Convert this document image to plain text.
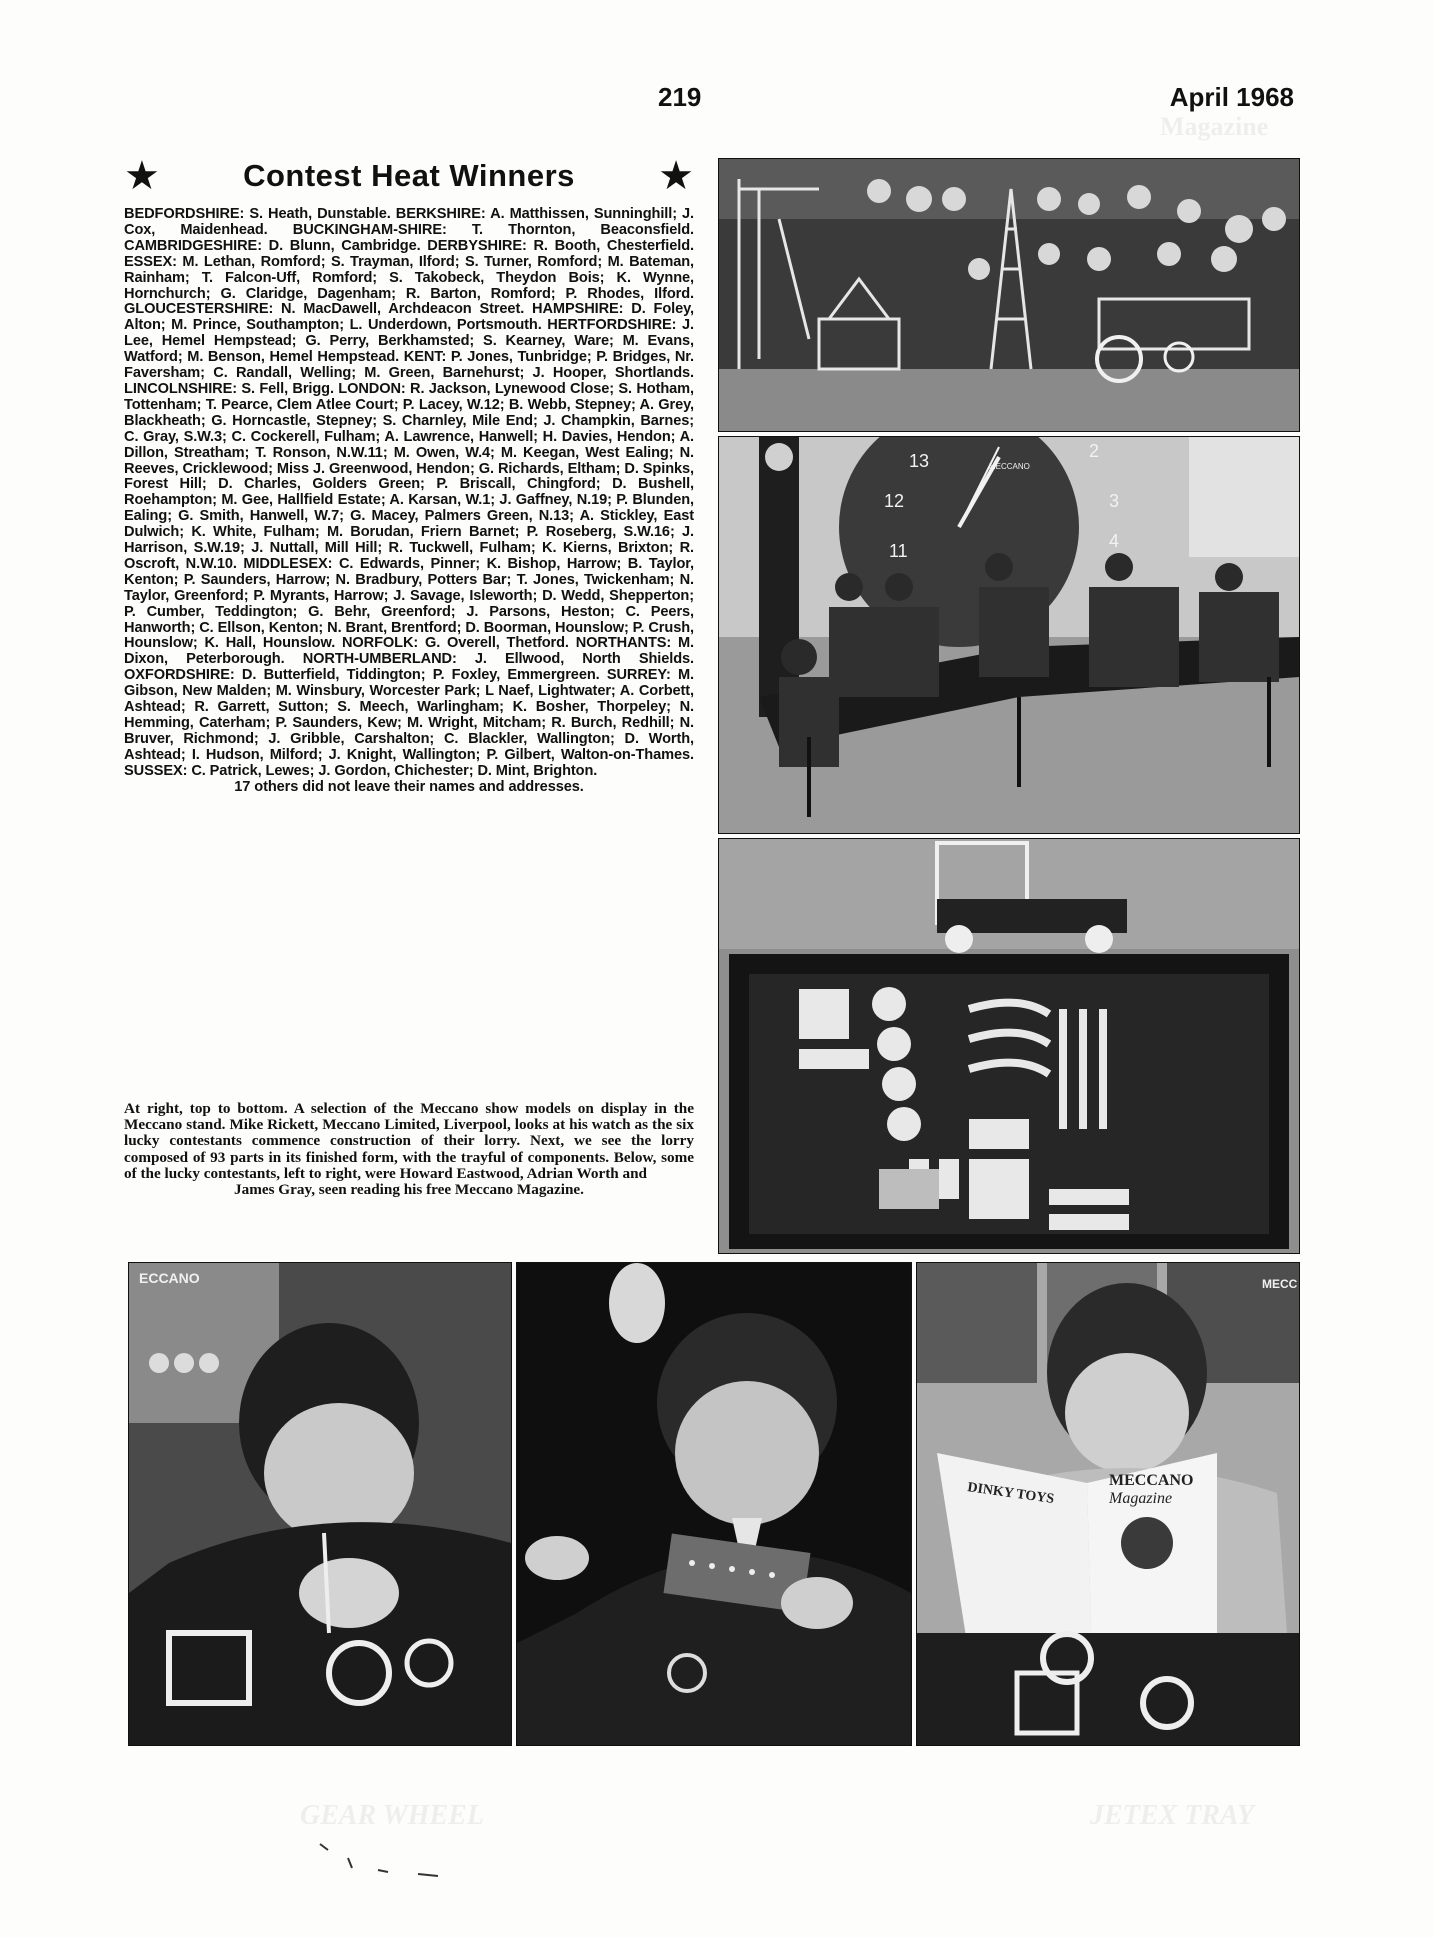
Magazine
GEAR WHEEL	JETEX TRAY
219	April 1968
★	Contest Heat Winners ★
BEDFORDSHIRE: S. Heath, Dunstable. BERKSHIRE: A. Matthissen, Sunninghill; J. Cox, Maidenhead. BUCKINGHAM-SHIRE: T. Thornton, Beaconsfield. CAMBRIDGESHIRE: D. Blunn, Cambridge. DERBYSHIRE: R. Booth, Chesterfield. ESSEX: M. Lethan, Romford; S. Trayman, Ilford; S. Turner, Romford; M. Bateman, Rainham; T. Falcon-Uff, Romford; S. Takobeck, Theydon Bois; K. Wynne, Hornchurch; G. Claridge, Dagenham; R. Barton, Romford; P. Rhodes, Ilford. GLOUCESTERSHIRE: N. MacDawell, Archdeacon Street. HAMPSHIRE: D. Foley, Alton; M. Prince, Southampton; L. Underdown, Portsmouth. HERTFORDSHIRE: J. Lee, Hemel Hempstead; G. Perry, Berkhamsted; S. Kearney, Ware; M. Evans, Watford; M. Benson, Hemel Hempstead. KENT: P. Jones, Tunbridge; P. Bridges, Nr. Faversham; C. Randall, Welling; M. Green, Barnehurst; J. Hooper, Shortlands. LINCOLNSHIRE: S. Fell, Brigg. LONDON: R. Jackson, Lynewood Close; S. Hotham, Tottenham; T. Pearce, Clem Atlee Court; P. Lacey, W.12; B. Webb, Stepney; A. Grey, Blackheath; G. Horncastle, Stepney; S. Charnley, Mile End; J. Champkin, Barnes; C. Gray, S.W.3; C. Cockerell, Fulham; A. Lawrence, Hanwell; H. Davies, Hendon; A. Dillon, Streatham; T. Ronson, N.W.11; M. Owen, W.4; M. Keegan, West Ealing; N. Reeves, Cricklewood; Miss J. Greenwood, Hendon; G. Richards, Eltham; D. Spinks, Forest Hill; D. Charles, Golders Green; P. Briscall, Chingford; D. Bushell, Roehampton; M. Gee, Hallfield Estate; A. Karsan, W.1; J. Gaffney, N.19; P. Blunden, Ealing; G. Smith, Hanwell, W.7; G. Macey, Palmers Green, N.13; A. Stickley, East Dulwich; K. White, Fulham; M. Borudan, Friern Barnet; P. Roseberg, S.W.16; J. Harrison, S.W.19; J. Nuttall, Mill Hill; R. Tuckwell, Fulham; K. Kierns, Brixton; R. Oscroft, N.W.10. MIDDLESEX: C. Edwards, Pinner; K. Bishop, Harrow; B. Taylor, Kenton; P. Saunders, Harrow; N. Bradbury, Potters Bar; T. Jones, Twickenham; N. Taylor, Greenford; P. Myrants, Harrow; J. Savage, Isleworth; D. Wedd, Shepperton; P. Cumber, Teddington; G. Behr, Greenford; J. Parsons, Heston; C. Peers, Hanworth; C. Ellson, Kenton; N. Brant, Brentford; D. Boorman, Hounslow; P. Crush, Hounslow; K. Hall, Hounslow. NORFOLK: G. Overell, Thetford. NORTHANTS: M. Dixon, Peterborough. NORTH-UMBERLAND: J. Ellwood, North Shields. OXFORDSHIRE: D. Butterfield, Tiddington; P. Foxley, Emmergreen. SURREY: M. Gibson, New Malden; M. Winsbury, Worcester Park; L Naef, Lightwater; A. Corbett, Ashtead; R. Garrett, Sutton; S. Meech, Warlingham; K. Bosher, Thorpeley; N. Hemming, Caterham; P. Saunders, Kew; M. Wright, Mitcham; R. Burch, Redhill; N. Bruver, Richmond; J. Gribble, Carshalton; C. Blackler, Wallington; D. Worth, Ashtead; I. Hudson, Milford; J. Knight, Wallington; P. Gilbert, Walton-on-Thames. SUSSEX: C. Patrick, Lewes; J. Gordon, Chichester; D. Mint, Brighton.
17 others did not leave their names and addresses.
At right, top to bottom. A selection of the Meccano show models on display in the Meccano stand. Mike Rickett, Meccano Limited, Liverpool, looks at his watch as the six lucky contestants commence construction of their lorry. Next, we see the lorry composed of 93 parts in its finished form, with the trayful of components. Below, some of the lucky contestants, left to right, were Howard Eastwood, Adrian Worth and
James Gray, seen reading his free Meccano Magazine.
13
12
11
2
3
4
MECCANO
ECCANO	MECC
DINKY TOYS	MECCANO
Magazine
